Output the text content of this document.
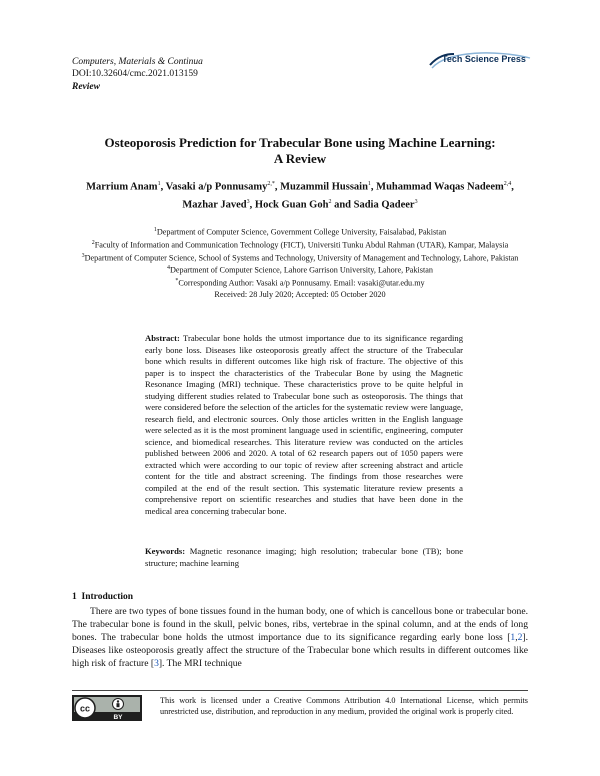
Computers, Materials & Continua
DOI:10.32604/cmc.2021.013159
Review
Tech Science Press
Osteoporosis Prediction for Trabecular Bone using Machine Learning:
A Review
Marrium Anam$^1$, Vasaki a/p Ponnusamy$^{2,*}$, Muzammil Hussain$^1$, Muhammad Waqas Nadeem$^{2,4}$,
Mazhar Javed$^3$, Hock Guan Goh$^2$ and Sadia Qadeer$^3$
$^1$Department of Computer Science, Government College University, Faisalabad, Pakistan
$^2$Faculty of Information and Communication Technology (FICT), Universiti Tunku Abdul Rahman (UTAR), Kampar, Malaysia
$^3$Department of Computer Science, School of Systems and Technology, University of Management and Technology, Lahore, Pakistan
$^4$Department of Computer Science, Lahore Garrison University, Lahore, Pakistan
*Corresponding Author: Vasaki a/p Ponnusamy. Email: vasaki@utar.edu.my
Received: 28 July 2020; Accepted: 05 October 2020
Abstract: Trabecular bone holds the utmost importance due to its significance regarding early bone loss. Diseases like osteoporosis greatly affect the structure of the Trabecular bone which results in different outcomes like high risk of fracture. The objective of this paper is to inspect the characteristics of the Trabecular Bone by using the Magnetic Resonance Imaging (MRI) technique. These characteristics prove to be quite helpful in studying different studies related to Trabecular bone such as osteoporosis. The things that were considered before the selection of the articles for the systematic review were language, research field, and electronic sources. Only those articles written in the English language were selected as it is the most prominent language used in scientific, engineering, computer science, and biomedical researches. This literature review was conducted on the articles published between 2006 and 2020. A total of 62 research papers out of 1050 papers were extracted which were according to our topic of review after screening abstract and article content for the title and abstract screening. The findings from those researches were compiled at the end of the result section. This systematic literature review presents a comprehensive report on scientific researches and studies that have been done in the medical area concerning trabecular bone.
Keywords: Magnetic resonance imaging; high resolution; trabecular bone (TB); bone structure; machine learning
1 Introduction
There are two types of bone tissues found in the human body, one of which is cancellous bone or trabecular bone. The trabecular bone is found in the skull, pelvic bones, ribs, vertebrae in the spinal column, and at the ends of long bones. The trabecular bone holds the utmost importance due to its significance regarding early bone loss [1,2]. Diseases like osteoporosis greatly affect the structure of the Trabecular bone which results in different outcomes like high risk of fracture [3]. The MRI technique
cc
BY
This work is licensed under a Creative Commons Attribution 4.0 International License, which permits unrestricted use, distribution, and reproduction in any medium, provided the original work is properly cited.
